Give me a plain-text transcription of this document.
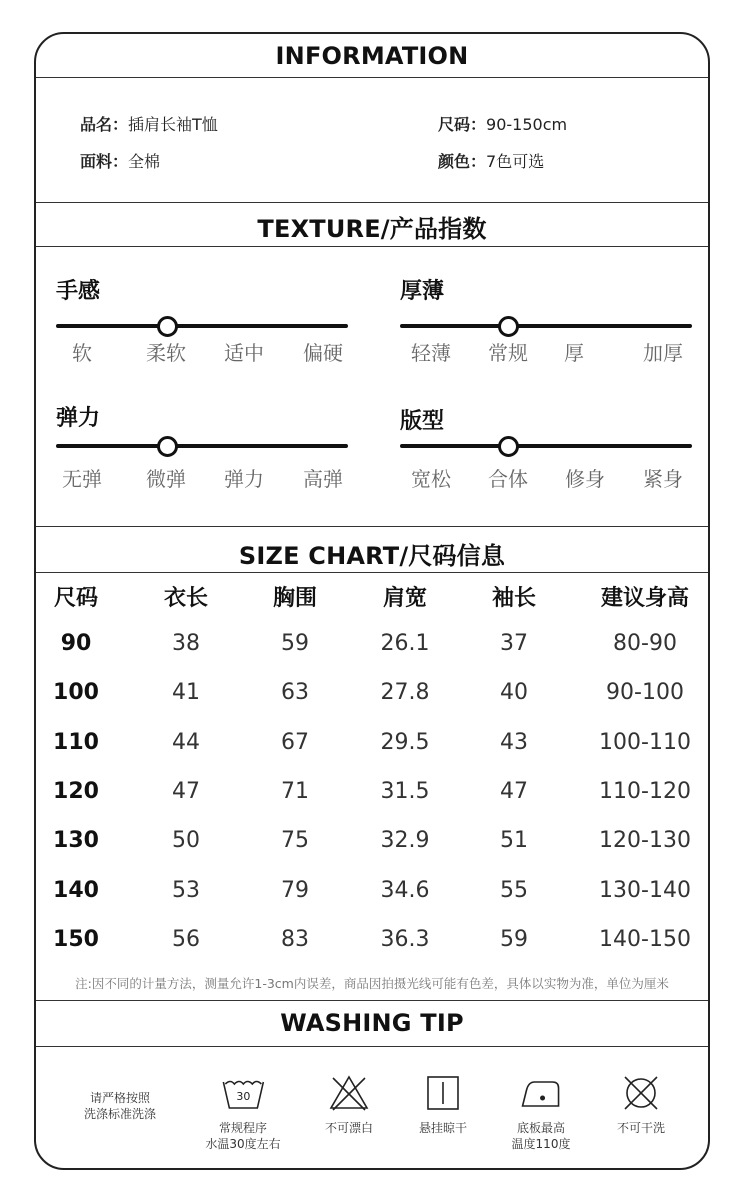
INFORMATION
品名：插肩长袖T恤	尺码：90-150cm
面料：全棉	颜色：7色可选
TEXTURE/产品指数
手感
软	柔软 适中 偏硬
厚薄
轻薄 常规 厚	加厚
弹力
无弹 微弹 弹力 高弹
版型
宽松 合体 修身 紧身
SIZE CHART/尺码信息
尺码	衣长	胸围	肩宽	袖长	建议身高
90	38	59	26.1	37	80-90
100	41	63	27.8	40	90-100
110	44	67	29.5	43	100-110
120	47	71	31.5	47	110-120
130	50	75	32.9	51	120-130
140	53	79	34.6	55	130-140
150	56	83	36.3	59	140-150
注:因不同的计量方法，测量允许1-3cm内误差，商品因拍摄光线可能有色差，具体以实物为准，单位为厘米
WASHING TIP
请严格按照
洗涤标准洗涤
30
常规程序
水温30度左右
不可漂白	悬挂晾干	底板最高
温度110度
不可干洗
